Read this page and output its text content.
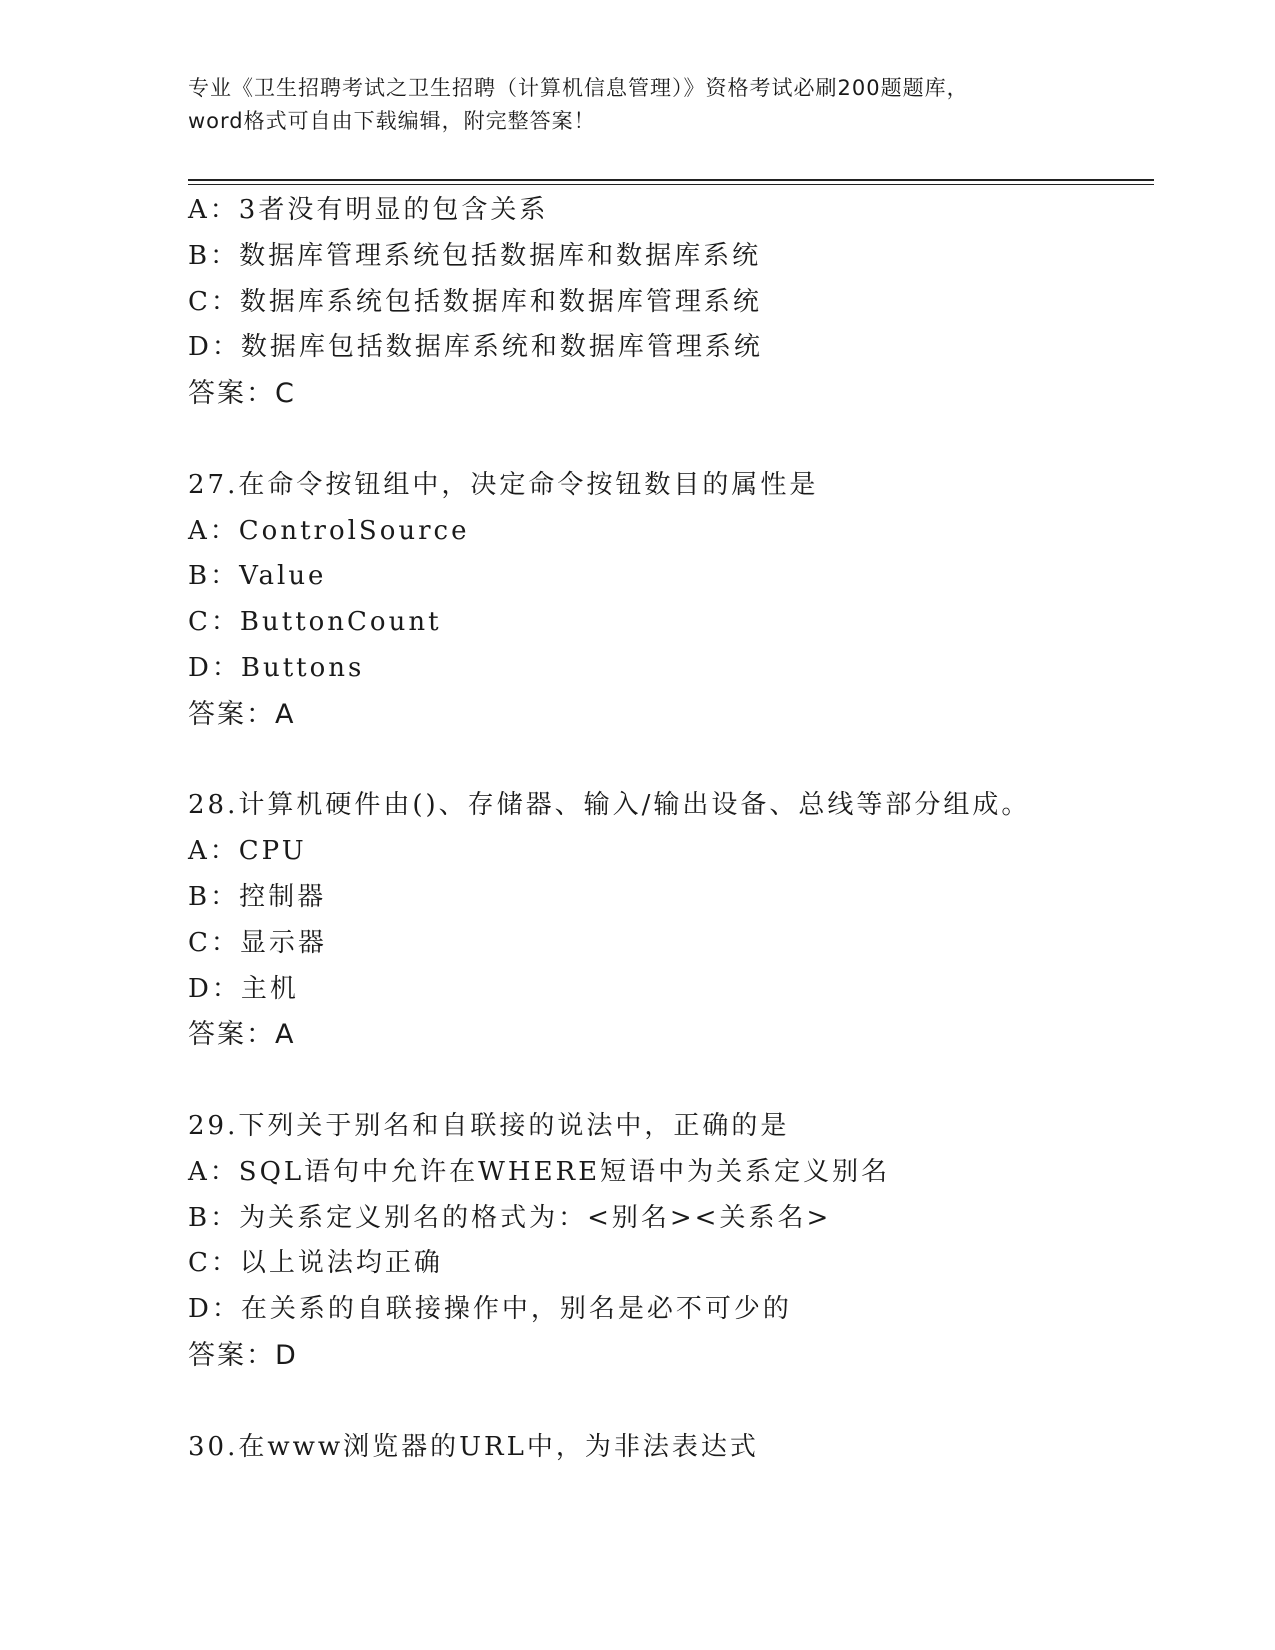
专业《卫生招聘考试之卫生招聘（计算机信息管理）》资格考试必刷200题题库，
word格式可自由下载编辑，附完整答案！
A：3者没有明显的包含关系
B：数据库管理系统包括数据库和数据库系统
C：数据库系统包括数据库和数据库管理系统
D：数据库包括数据库系统和数据库管理系统
答案：C
27.在命令按钮组中，决定命令按钮数目的属性是
A：ControlSource
B：Value
C：ButtonCount
D：Buttons
答案：A
28.计算机硬件由()、存储器、输入/输出设备、总线等部分组成。
A：CPU
B：控制器
C：显示器
D：主机
答案：A
29.下列关于别名和自联接的说法中，正确的是
A：SQL语句中允许在WHERE短语中为关系定义别名
B：为关系定义别名的格式为：<别名><关系名>
C：以上说法均正确
D：在关系的自联接操作中，别名是必不可少的
答案：D
30.在www浏览器的URL中，为非法表达式
